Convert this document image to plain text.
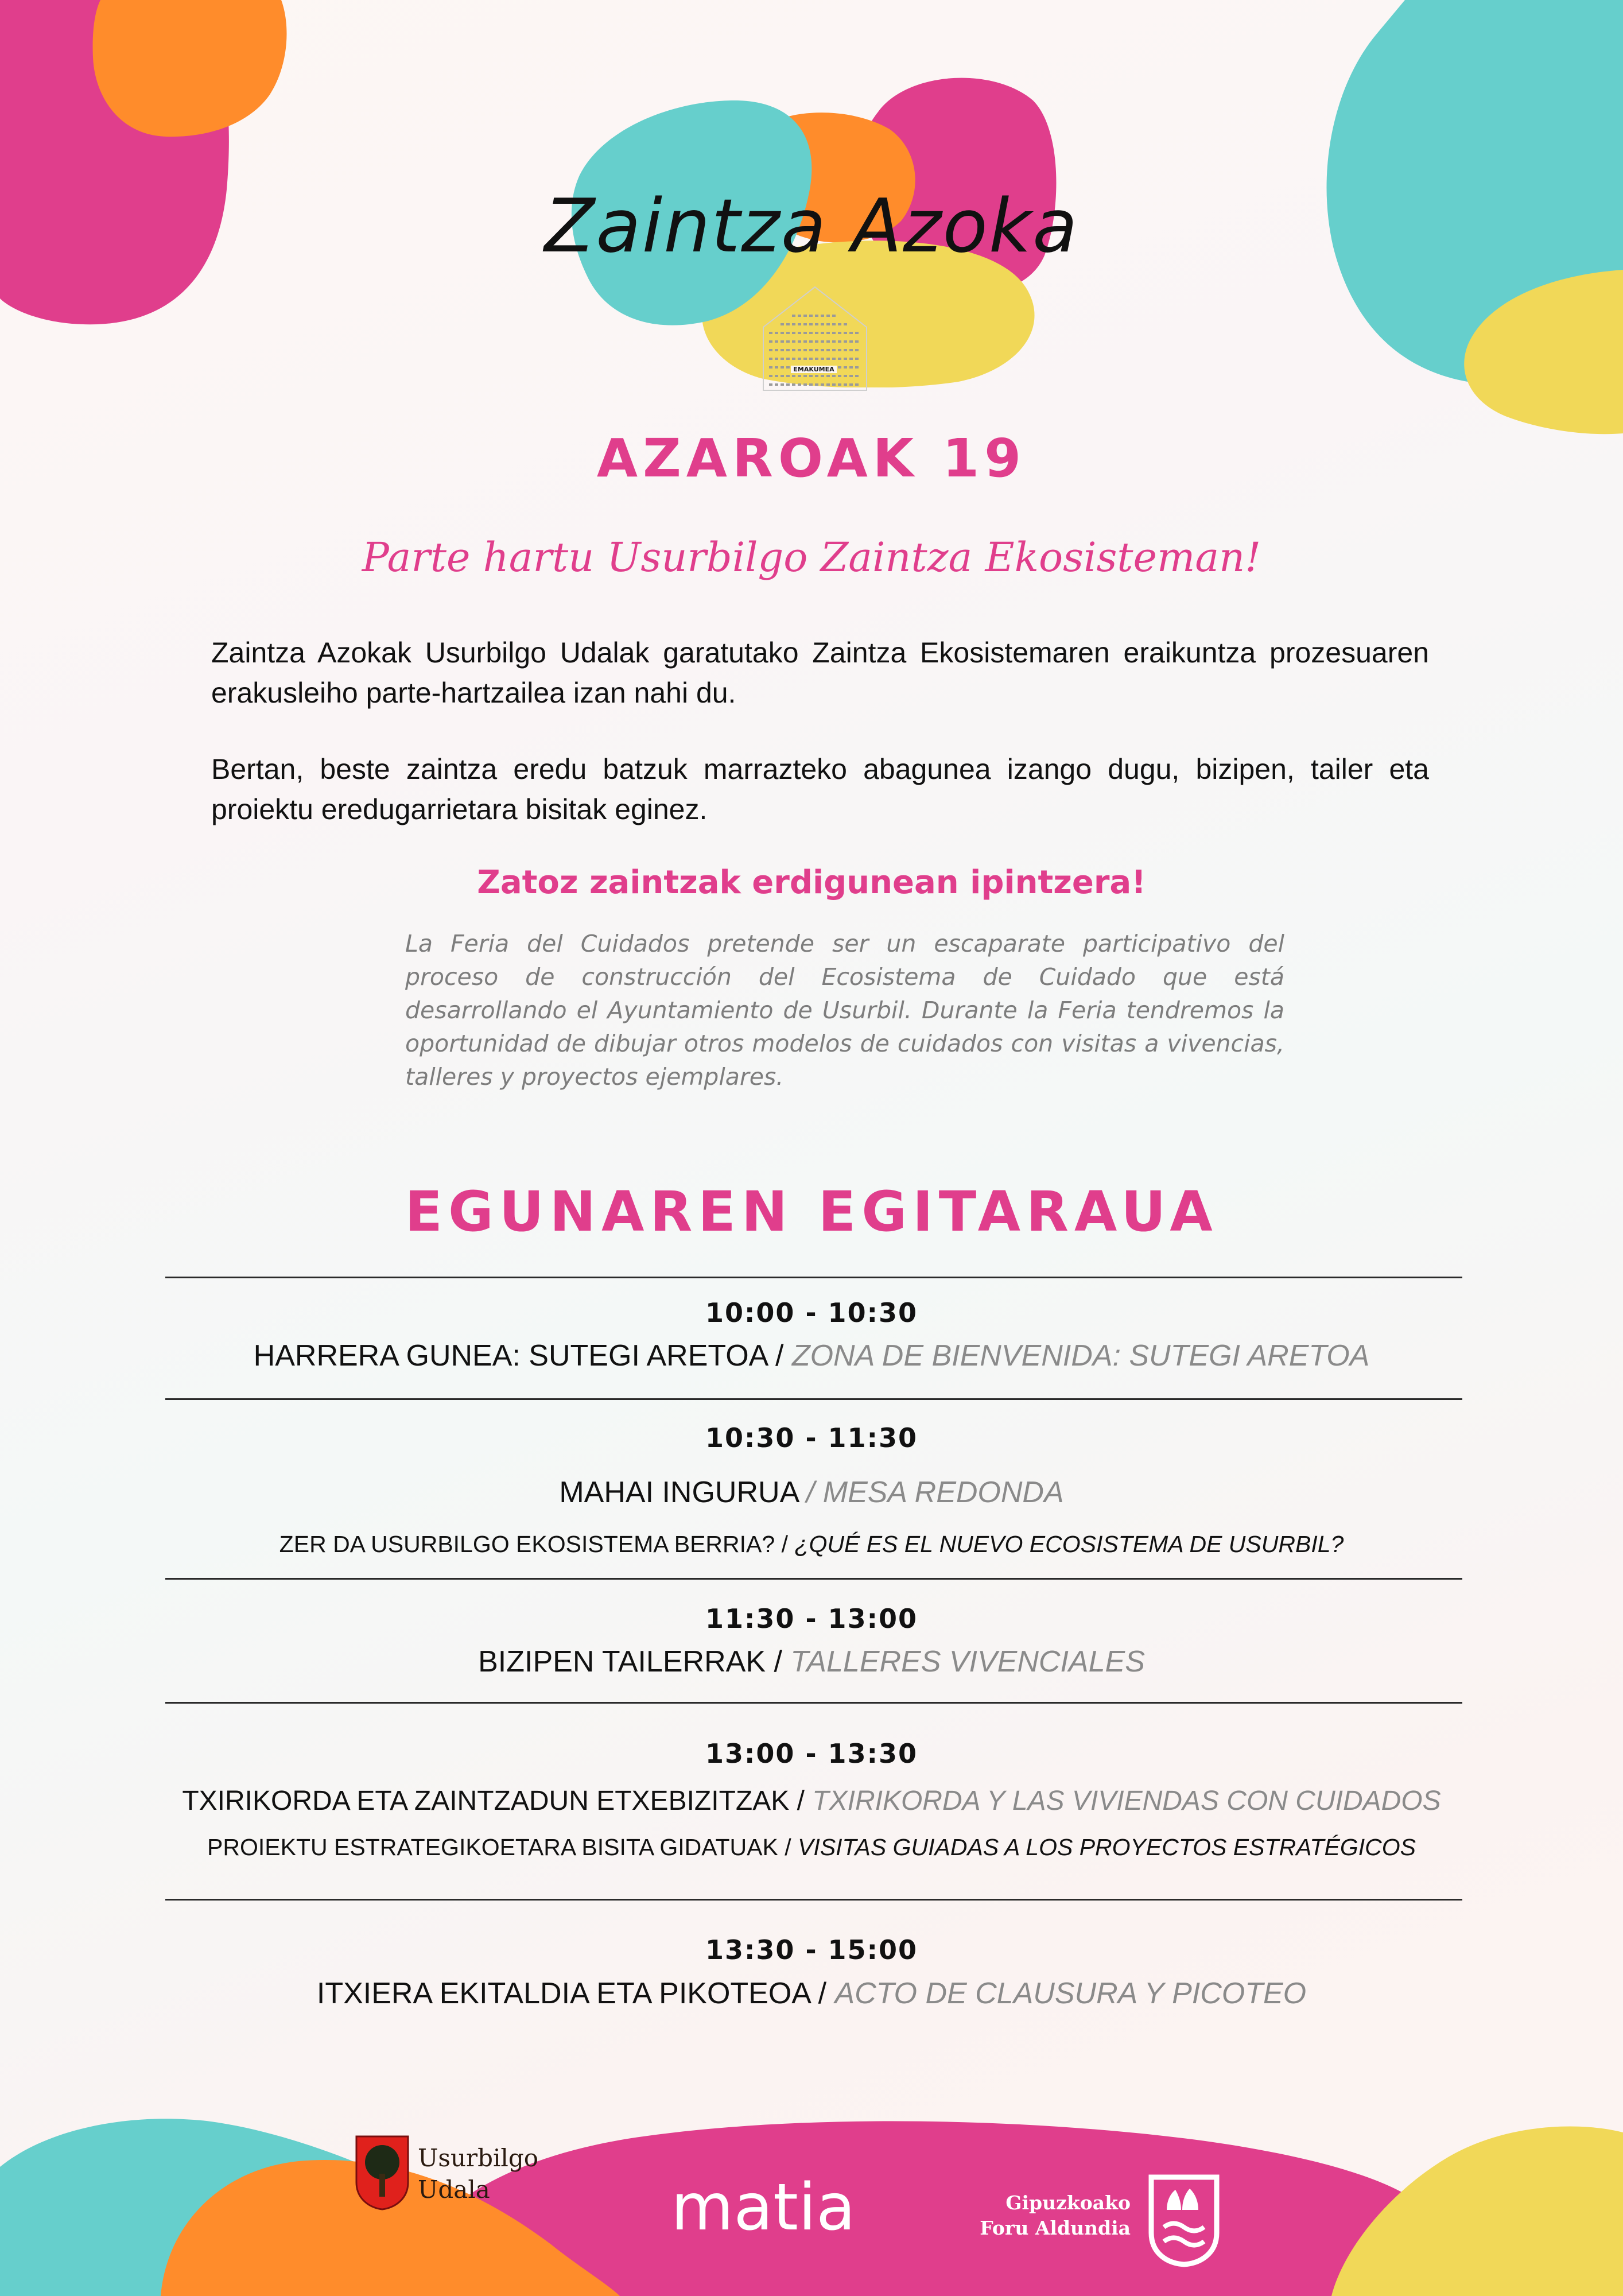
EMAKUMEA
Zaintza Azoka
AZAROAK 19
Parte hartu Usurbilgo Zaintza Ekosisteman!

Zaintza Azokak Usurbilgo Udalak garatutako Zaintza Ekosistemaren eraikuntza prozesuaren erakusleiho parte-hartzailea izan nahi du.

Bertan, beste zaintza eredu batzuk marrazteko abagunea izango dugu, bizipen, tailer eta proiektu eredugarrietara bisitak eginez.

Zatoz zaintzak erdigunean ipintzera!

La Feria del Cuidados pretende ser un escaparate participativo del proceso de construcción del Ecosistema de Cuidado que está desarrollando el Ayuntamiento de Usurbil. Durante la Feria tendremos la oportunidad de dibujar otros modelos de cuidados con visitas a vivencias, talleres y proyectos ejemplares.

EGUNAREN EGITARAUA
10:00 - 10:30
HARRERA GUNEA: SUTEGI ARETOA / ZONA DE BIENVENIDA: SUTEGI ARETOA
10:30 - 11:30
MAHAI INGURUA / MESA REDONDA
ZER DA USURBILGO EKOSISTEMA BERRIA? / ¿QUÉ ES EL NUEVO ECOSISTEMA DE USURBIL?
11:30 - 13:00
BIZIPEN TAILERRAK / TALLERES VIVENCIALES
13:00 - 13:30
TXIRIKORDA ETA ZAINTZADUN ETXEBIZITZAK / TXIRIKORDA Y LAS VIVIENDAS CON CUIDADOS
PROIEKTU ESTRATEGIKOETARA BISITA GIDATUAK / VISITAS GUIADAS A LOS PROYECTOS ESTRATÉGICOS
13:30 - 15:00
ITXIERA EKITALDIA ETA PIKOTEOA / ACTO DE CLAUSURA Y PICOTEO
Usurbilgo
Udala	matia	Gipuzkoako
Foru Aldundia
